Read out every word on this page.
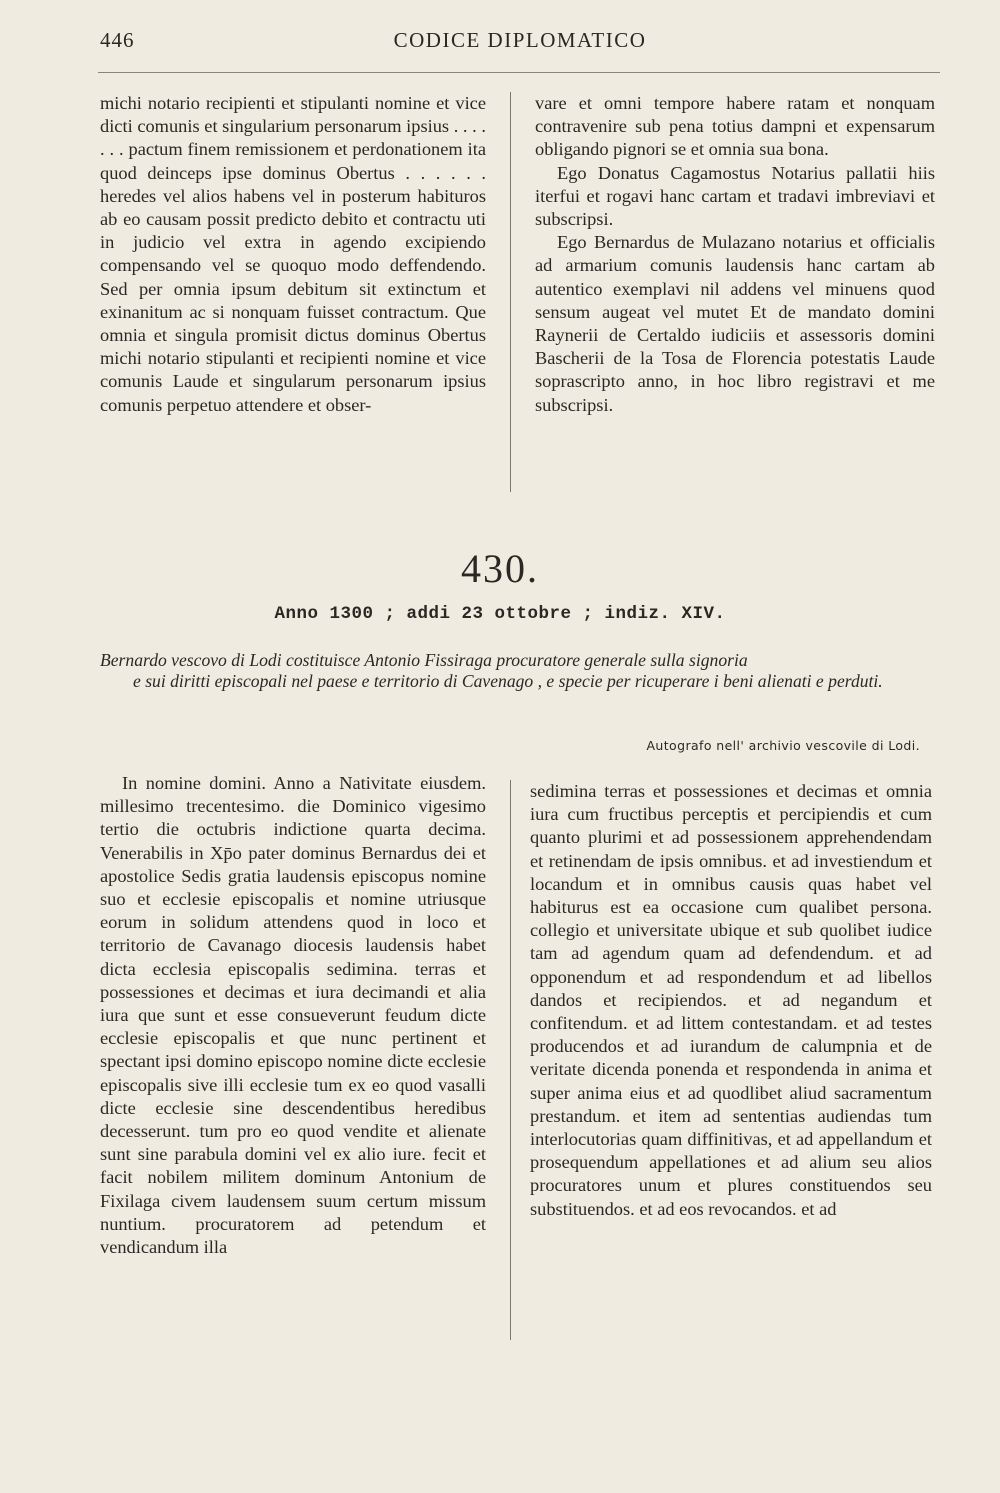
446	CODICE DIPLOMATICO

michi notario recipienti et stipulanti nomine et vice dicti comunis et singularium personarum ipsius . . . . . . . pactum finem remissionem et perdonationem ita quod deinceps ipse dominus Obertus . . . . . . heredes vel alios habens vel in posterum habituros ab eo causam possit predicto debito et contractu uti in judicio vel extra in agendo excipiendo compensando vel se quoquo modo deffendendo. Sed per omnia ipsum debitum sit extinctum et exinanitum ac si nonquam fuisset contractum. Que omnia et singula promisit dictus dominus Obertus michi notario stipulanti et recipienti nomine et vice comunis Laude et singularum personarum ipsius comunis perpetuo attendere et obser-

vare et omni tempore habere ratam et nonquam contravenire sub pena totius dampni et expensarum obligando pignori se et omnia sua bona.

Ego Donatus Cagamostus Notarius pallatii hiis iterfui et rogavi hanc cartam et tradavi imbreviavi et subscripsi.

Ego Bernardus de Mulazano notarius et officialis ad armarium comunis laudensis hanc cartam ab autentico exemplavi nil addens vel minuens quod sensum augeat vel mutet Et de mandato domini Raynerii de Certaldo iudiciis et assessoris domini Bascherii de la Tosa de Florencia potestatis Laude soprascripto anno, in hoc libro registravi et me subscripsi.

430.
Anno 1300 ; addi 23 ottobre ; indiz. XIV.
Bernardo vescovo di Lodi costituisce Antonio Fissiraga procuratore generale sulla signoria
e sui diritti episcopali nel paese e territorio di Cavenago , e specie per ricuperare i beni alienati e perduti.
Autografo nell' archivio vescovile di Lodi.

In nomine domini. Anno a Nativitate eiusdem. millesimo trecentesimo. die Dominico vigesimo tertio die octubris indictione quarta decima. Venerabilis in Xp̄o pater dominus Bernardus dei et apostolice Sedis gratia laudensis episcopus nomine suo et ecclesie episcopalis et nomine utriusque eorum in solidum attendens quod in loco et territorio de Cavanago diocesis laudensis habet dicta ecclesia episcopalis sedimina. terras et possessiones et decimas et iura decimandi et alia iura que sunt et esse consueverunt feudum dicte ecclesie episcopalis et que nunc pertinent et spectant ipsi domino episcopo nomine dicte ecclesie episcopalis sive illi ecclesie tum ex eo quod vasalli dicte ecclesie sine descendentibus heredibus decesserunt. tum pro eo quod vendite et alienate sunt sine parabula domini vel ex alio iure. fecit et facit nobilem militem dominum Antonium de Fixilaga civem laudensem suum certum missum nuntium. procuratorem ad petendum et vendicandum illa

sedimina terras et possessiones et decimas et omnia iura cum fructibus perceptis et percipiendis et cum quanto plurimi et ad possessionem apprehendendam et retinendam de ipsis omnibus. et ad investiendum et locandum et in omnibus causis quas habet vel habiturus est ea occasione cum qualibet persona. collegio et universitate ubique et sub quolibet iudice tam ad agendum quam ad defendendum. et ad opponendum et ad respondendum et ad libellos dandos et recipiendos. et ad negandum et confitendum. et ad littem contestandam. et ad testes producendos et ad iurandum de calumpnia et de veritate dicenda ponenda et respondenda in anima et super anima eius et ad quodlibet aliud sacramentum prestandum. et item ad sententias audiendas tum interlocutorias quam diffinitivas, et ad appellandum et prosequendum appellationes et ad alium seu alios procuratores unum et plures constituendos seu substituendos. et ad eos revocandos. et ad
